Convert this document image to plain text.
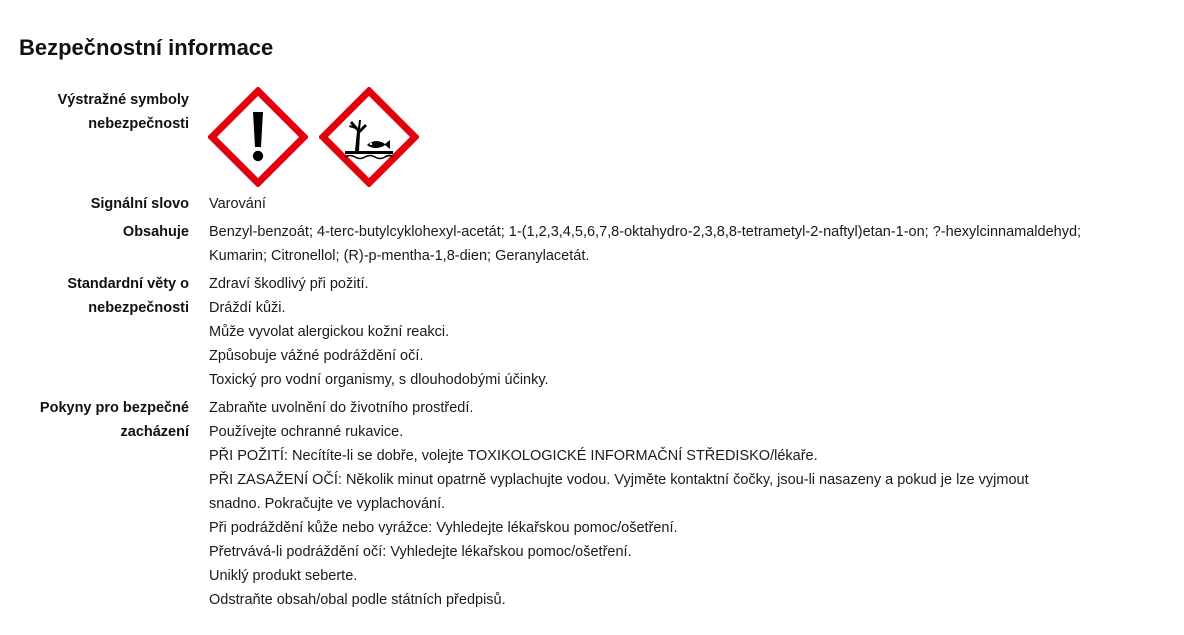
Bezpečnostní informace
Výstražné symboly
nebezpečnosti
Signální slovo Varování
Obsahuje Benzyl-benzoát; 4-terc-butylcyklohexyl-acetát; 1-(1,2,3,4,5,6,7,8-oktahydro-2,3,8,8-tetrametyl-2-naftyl)etan-1-on; ?-hexylcinnamaldehyd;
Kumarin; Citronellol; (R)-p-mentha-1,8-dien; Geranylacetát.
Standardní věty o
nebezpečnosti
Zdraví škodlivý při požití.
Dráždí kůži.
Může vyvolat alergickou kožní reakci.
Způsobuje vážné podráždění očí.
Toxický pro vodní organismy, s dlouhodobými účinky.
Pokyny pro bezpečné
zacházení
Zabraňte uvolnění do životního prostředí.
Používejte ochranné rukavice.
PŘI POŽITÍ: Necítíte-li se dobře, volejte TOXIKOLOGICKÉ INFORMAČNÍ STŘEDISKO/lékaře.
PŘI ZASAŽENÍ OČÍ: Několik minut opatrně vyplachujte vodou. Vyjměte kontaktní čočky, jsou-li nasazeny a pokud je lze vyjmout
snadno. Pokračujte ve vyplachování.
Při podráždění kůže nebo vyrážce: Vyhledejte lékařskou pomoc/ošetření.
Přetrvává-li podráždění očí: Vyhledejte lékařskou pomoc/ošetření.
Uniklý produkt seberte.
Odstraňte obsah/obal podle státních předpisů.
